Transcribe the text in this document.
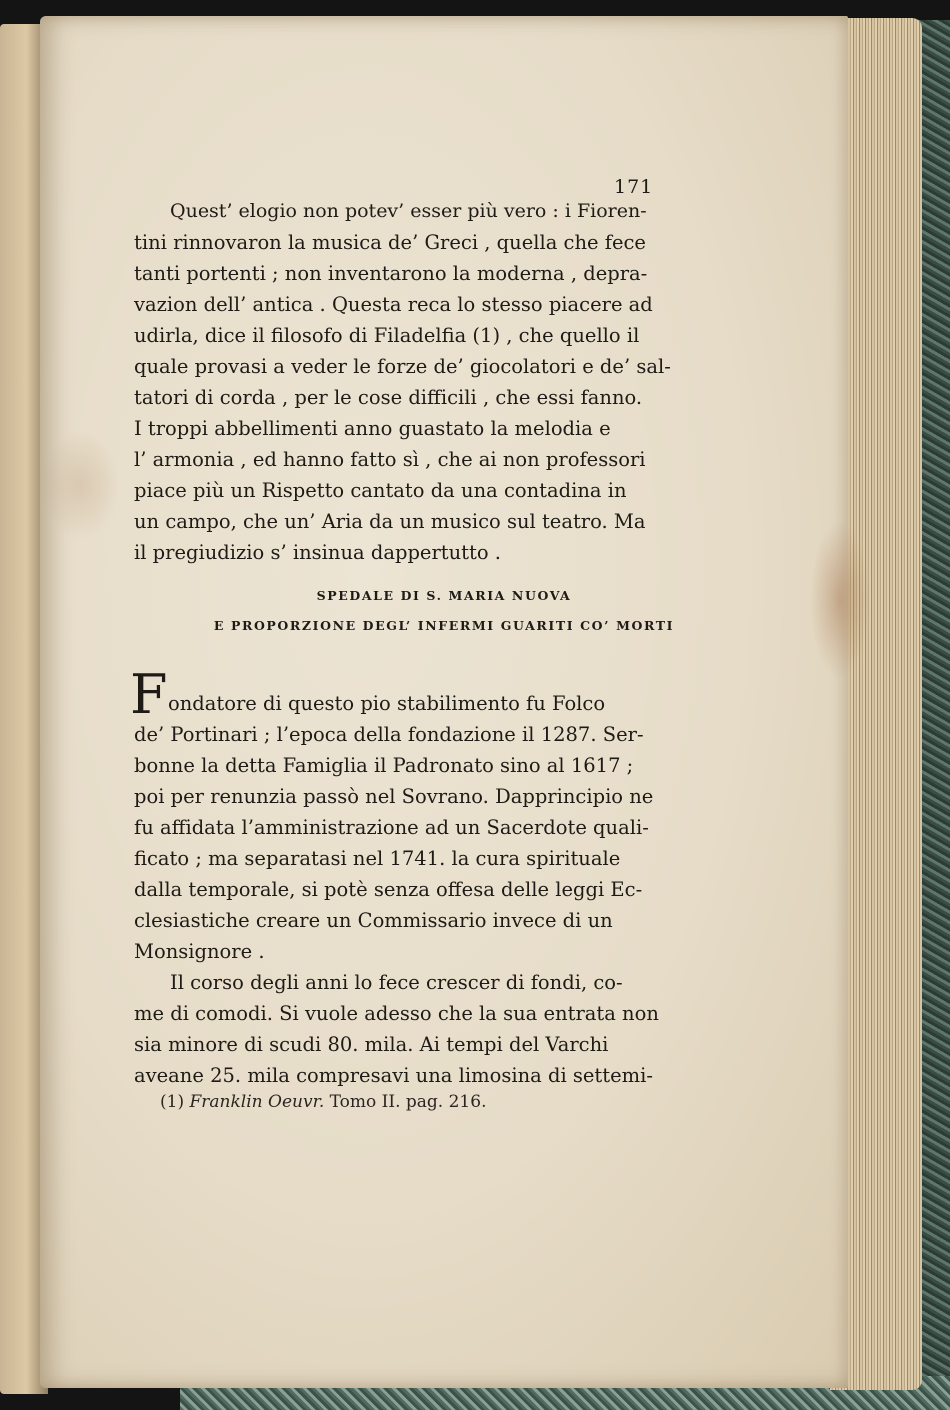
171
Quest’ elogio non potev’ esser più vero : i Fioren-
tini rinnovaron la musica de’ Greci , quella che fece
tanti portenti ; non inventarono la moderna , depra-
vazion dell’ antica . Questa reca lo stesso piacere ad
udirla, dice il filosofo di Filadelfia (1) , che quello il
quale provasi a veder le forze de’ giocolatori e de’ sal-
tatori di corda , per le cose difficili , che essi fanno.
I troppi abbellimenti anno guastato la melodia e
l’ armonia , ed hanno fatto sì , che ai non professori
piace più un Rispetto cantato da una contadina in
un campo, che un’ Aria da un musico sul teatro. Ma
il pregiudizio s’ insinua dappertutto .
SPEDALE DI S. MARIA NUOVA
E PROPORZIONE DEGL’ INFERMI GUARITI CO’ MORTI
F ondatore di questo pio stabilimento fu Folco
de’ Portinari ; l’epoca della fondazione il 1287. Ser-
bonne la detta Famiglia il Padronato sino al 1617 ;
poi per renunzia passò nel Sovrano. Dapprincipio ne
fu affidata l’amministrazione ad un Sacerdote quali-
ficato ; ma separatasi nel 1741. la cura spirituale
dalla temporale, si potè senza offesa delle leggi Ec-
clesiastiche creare un Commissario invece di un
Monsignore .
Il corso degli anni lo fece crescer di fondi, co-
me di comodi. Si vuole adesso che la sua entrata non
sia minore di scudi 80. mila. Ai tempi del Varchi
aveane 25. mila compresavi una limosina di settemi-
(1) Franklin Oeuvr. Tomo II. pag. 216.
